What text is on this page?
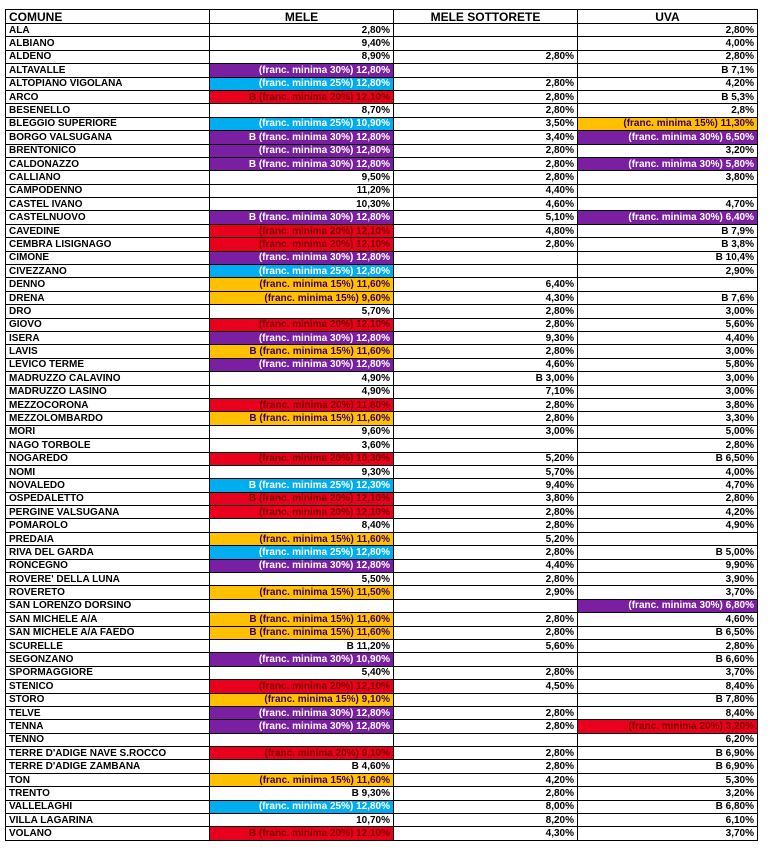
COMUNE	MELE	MELE SOTTORETE	UVA
ALA	2,80%		2,80%
ALBIANO	9,40%		4,00%
ALDENO	8,90%	2,80%	2,80%
ALTAVALLE	(franc. minima 30%) 12,80%		B 7,1%
ALTOPIANO VIGOLANA	(franc. minima 25%) 12,80%	2,80%	4,20%
ARCO	B (franc. minima 20%) 12,10%	2,80%	B 5,3%
BESENELLO	8,70%	2,80%	2,8%
BLEGGIO SUPERIORE	(franc. minima 25%) 10,90%	3,50%	(franc. minima 15%) 11,30%
BORGO VALSUGANA	B (franc. minima 30%) 12,80%	3,40%	(franc. minima 30%) 6,50%
BRENTONICO	(franc. minima 30%) 12,80%	2,80%	3,20%
CALDONAZZO	B (franc. minima 30%) 12,80%	2,80%	(franc. minima 30%) 5,80%
CALLIANO	9,50%	2,80%	3,80%
CAMPODENNO	11,20%	4,40%	
CASTEL IVANO	10,30%	4,60%	4,70%
CASTELNUOVO	B (franc. minima 30%) 12,80%	5,10%	(franc. minima 30%) 6,40%
CAVEDINE	(franc. minima 20%) 12,10%	4,80%	B 7,9%
CEMBRA LISIGNAGO	(franc. minima 20%) 12,10%	2,80%	B 3,8%
CIMONE	(franc. minima 30%) 12,80%		B 10,4%
CIVEZZANO	(franc. minima 25%) 12,80%		2,90%
DENNO	(franc. minima 15%) 11,60%	6,40%	
DRENA	(franc. minima 15%) 9,60%	4,30%	B 7,6%
DRO	5,70%	2,80%	3,00%
GIOVO	(franc. minima 20%) 12,10%	2,80%	5,60%
ISERA	(franc. minima 30%) 12,80%	9,30%	4,40%
LAVIS	B (franc. minima 15%) 11,60%	2,80%	3,00%
LEVICO TERME	(franc. minima 30%) 12,80%	4,60%	5,80%
MADRUZZO CALAVINO	4,90%	B 3,00%	3,00%
MADRUZZO LASINO	4,90%	7,10%	3,00%
MEZZOCORONA	(franc. minima 20%) 11,80%	2,80%	3,80%
MEZZOLOMBARDO	B (franc. minima 15%) 11,60%	2,80%	3,30%
MORI	9,60%	3,00%	5,00%
NAGO TORBOLE	3,60%		2,80%
NOGAREDO	(franc. minima 20%) 10,30%	5,20%	B 6,50%
NOMI	9,30%	5,70%	4,00%
NOVALEDO	B (franc. minima 25%) 12,30%	9,40%	4,70%
OSPEDALETTO	B (franc. minima 20%) 12,10%	3,80%	2,80%
PERGINE VALSUGANA	(franc. minima 20%) 12,10%	2,80%	4,20%
POMAROLO	8,40%	2,80%	4,90%
PREDAIA	(franc. minima 15%) 11,60%	5,20%	
RIVA DEL GARDA	(franc. minima 25%) 12,80%	2,80%	B 5,00%
RONCEGNO	(franc. minima 30%) 12,80%	4,40%	9,90%
ROVERE' DELLA LUNA	5,50%	2,80%	3,90%
ROVERETO	(franc. minima 15%) 11,50%	2,90%	3,70%
SAN LORENZO DORSINO			(franc. minima 30%) 6,80%
SAN MICHELE A/A	B (franc. minima 15%) 11,60%	2,80%	4,60%
SAN MICHELE A/A FAEDO	B (franc. minima 15%) 11,60%	2,80%	B 6,50%
SCURELLE	B 11,20%	5,60%	2,80%
SEGONZANO	(franc. minima 30%) 10,90%		B 6,60%
SPORMAGGIORE	5,40%	2,80%	3,70%
STENICO	(franc. minima 20%) 12,10%	4,50%	8,40%
STORO	(franc. minima 15%) 9,10%		B 7,80%
TELVE	(franc. minima 30%) 12,80%	2,80%	8,40%
TENNA	(franc. minima 30%) 12,80%	2,80%	(franc. minima 20%) 3,20%
TENNO			6,20%
TERRE D'ADIGE NAVE S.ROCCO	(franc. minima 20%) 9,10%	2,80%	B 6,90%
TERRE D'ADIGE ZAMBANA	B 4,60%	2,80%	B 6,90%
TON	(franc. minima 15%) 11,60%	4,20%	5,30%
TRENTO	B 9,30%	2,80%	3,20%
VALLELAGHI	(franc. minima 25%) 12,80%	8,00%	B 6,80%
VILLA LAGARINA	10,70%	8,20%	6,10%
VOLANO	B (franc. minima 20%) 12,10%	4,30%	3,70%
